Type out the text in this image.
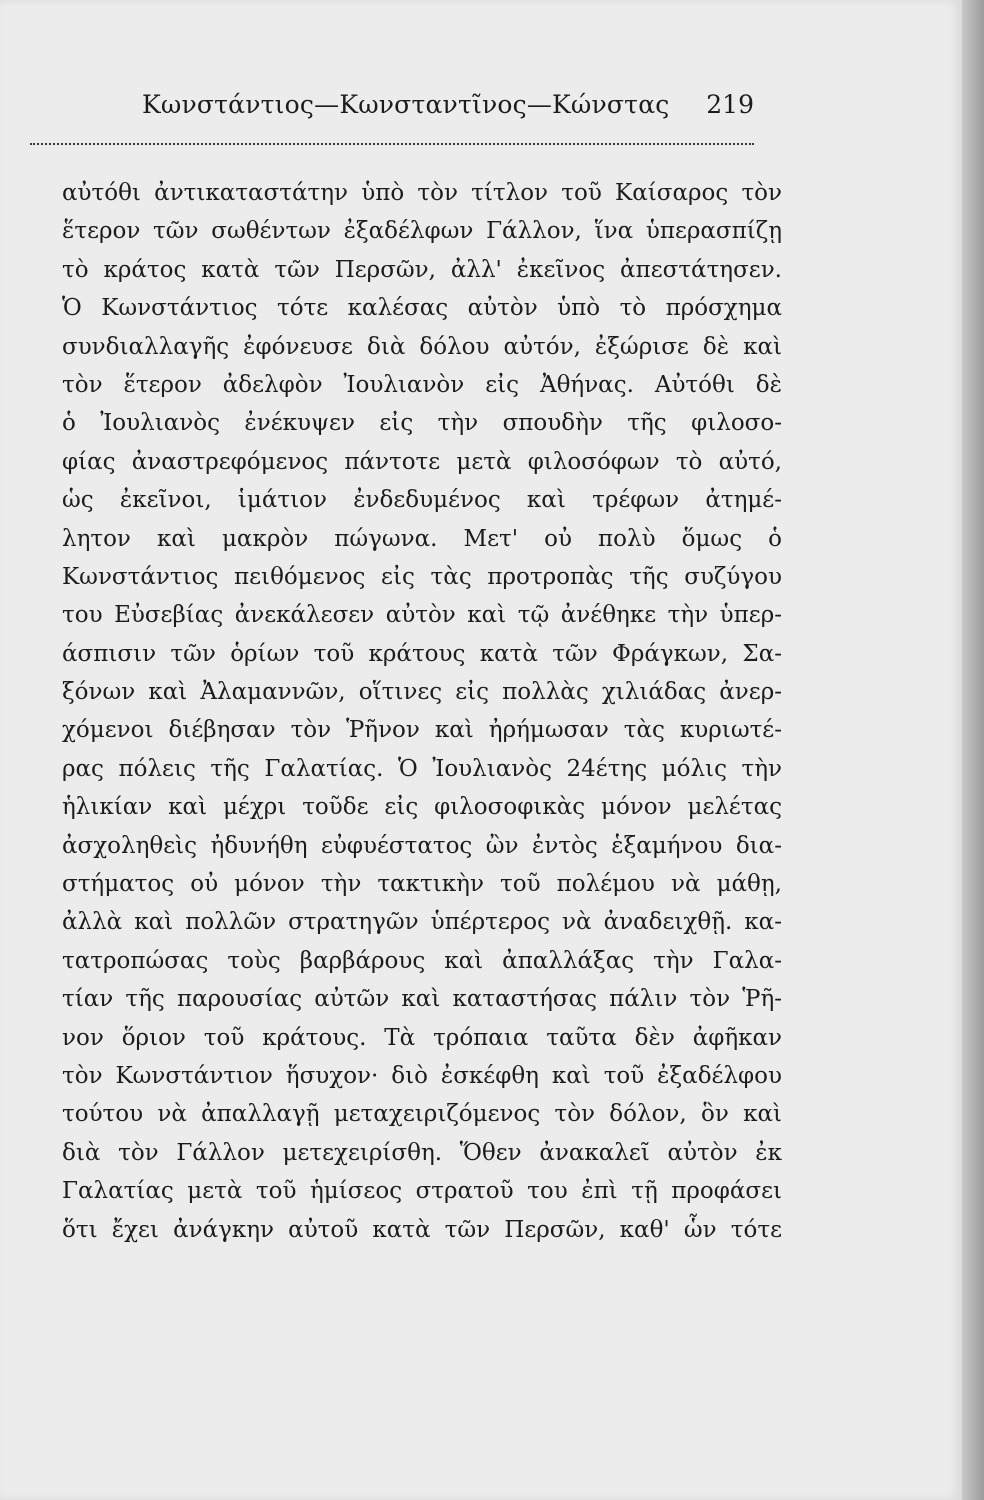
Κωνστάντιος—Κωνσταντῖνος—Κώνστας 219
αὐτόθι ἀντικαταστάτην ὑπὸ τὸν τίτλον τοῦ Καίσαρος τὸν
ἕτερον τῶν σωθέντων ἐξαδέλφων Γάλλον, ἵνα ὑπερασπίζῃ
τὸ κράτος κατὰ τῶν Περσῶν, ἀλλ' ἐκεῖνος ἀπεστάτησεν.
Ὁ Κωνστάντιος τότε καλέσας αὐτὸν ὑπὸ τὸ πρόσχημα
συνδιαλλαγῆς ἐφόνευσε διὰ δόλου αὐτόν, ἐξώρισε δὲ καὶ
τὸν ἕτερον ἀδελφὸν Ἰουλιανὸν εἰς Ἀθήνας. Αὐτόθι δὲ
ὁ Ἰουλιανὸς ἐνέκυψεν εἰς τὴν σπουδὴν τῆς φιλοσο-
φίας ἀναστρεφόμενος πάντοτε μετὰ φιλοσόφων τὸ αὐτό,
ὡς ἐκεῖνοι, ἱμάτιον ἐνδεδυμένος καὶ τρέφων ἀτημέ-
λητον καὶ μακρὸν πώγωνα. Μετ' οὐ πολὺ ὅμως ὁ
Κωνστάντιος πειθόμενος εἰς τὰς προτροπὰς τῆς συζύγου
του Εὐσεβίας ἀνεκάλεσεν αὐτὸν καὶ τῷ ἀνέθηκε τὴν ὑπερ-
άσπισιν τῶν ὁρίων τοῦ κράτους κατὰ τῶν Φράγκων, Σα-
ξόνων καὶ Ἀλαμαννῶν, οἵτινες εἰς πολλὰς χιλιάδας ἀνερ-
χόμενοι διέβησαν τὸν Ῥῆνον καὶ ἠρήμωσαν τὰς κυριωτέ-
ρας πόλεις τῆς Γαλατίας. Ὁ Ἰουλιανὸς 24έτης μόλις τὴν
ἡλικίαν καὶ μέχρι τοῦδε εἰς φιλοσοφικὰς μόνον μελέτας
ἀσχοληθεὶς ἠδυνήθη εὐφυέστατος ὢν ἐντὸς ἑξαμήνου δια-
στήματος οὐ μόνον τὴν τακτικὴν τοῦ πολέμου νὰ μάθῃ,
ἀλλὰ καὶ πολλῶν στρατηγῶν ὑπέρτερος νὰ ἀναδειχθῇ. κα-
τατροπώσας τοὺς βαρβάρους καὶ ἀπαλλάξας τὴν Γαλα-
τίαν τῆς παρουσίας αὐτῶν καὶ καταστήσας πάλιν τὸν Ῥῆ-
νον ὅριον τοῦ κράτους. Τὰ τρόπαια ταῦτα δὲν ἀφῆκαν
τὸν Κωνστάντιον ἥσυχον· διὸ ἐσκέφθη καὶ τοῦ ἐξαδέλφου
τούτου νὰ ἀπαλλαγῇ μεταχειριζόμενος τὸν δόλον, ὃν καὶ
διὰ τὸν Γάλλον μετεχειρίσθη. Ὅθεν ἀνακαλεῖ αὐτὸν ἐκ
Γαλατίας μετὰ τοῦ ἡμίσεος στρατοῦ του ἐπὶ τῇ προφάσει
ὅτι ἔχει ἀνάγκην αὐτοῦ κατὰ τῶν Περσῶν, καθ' ὧν τότε
